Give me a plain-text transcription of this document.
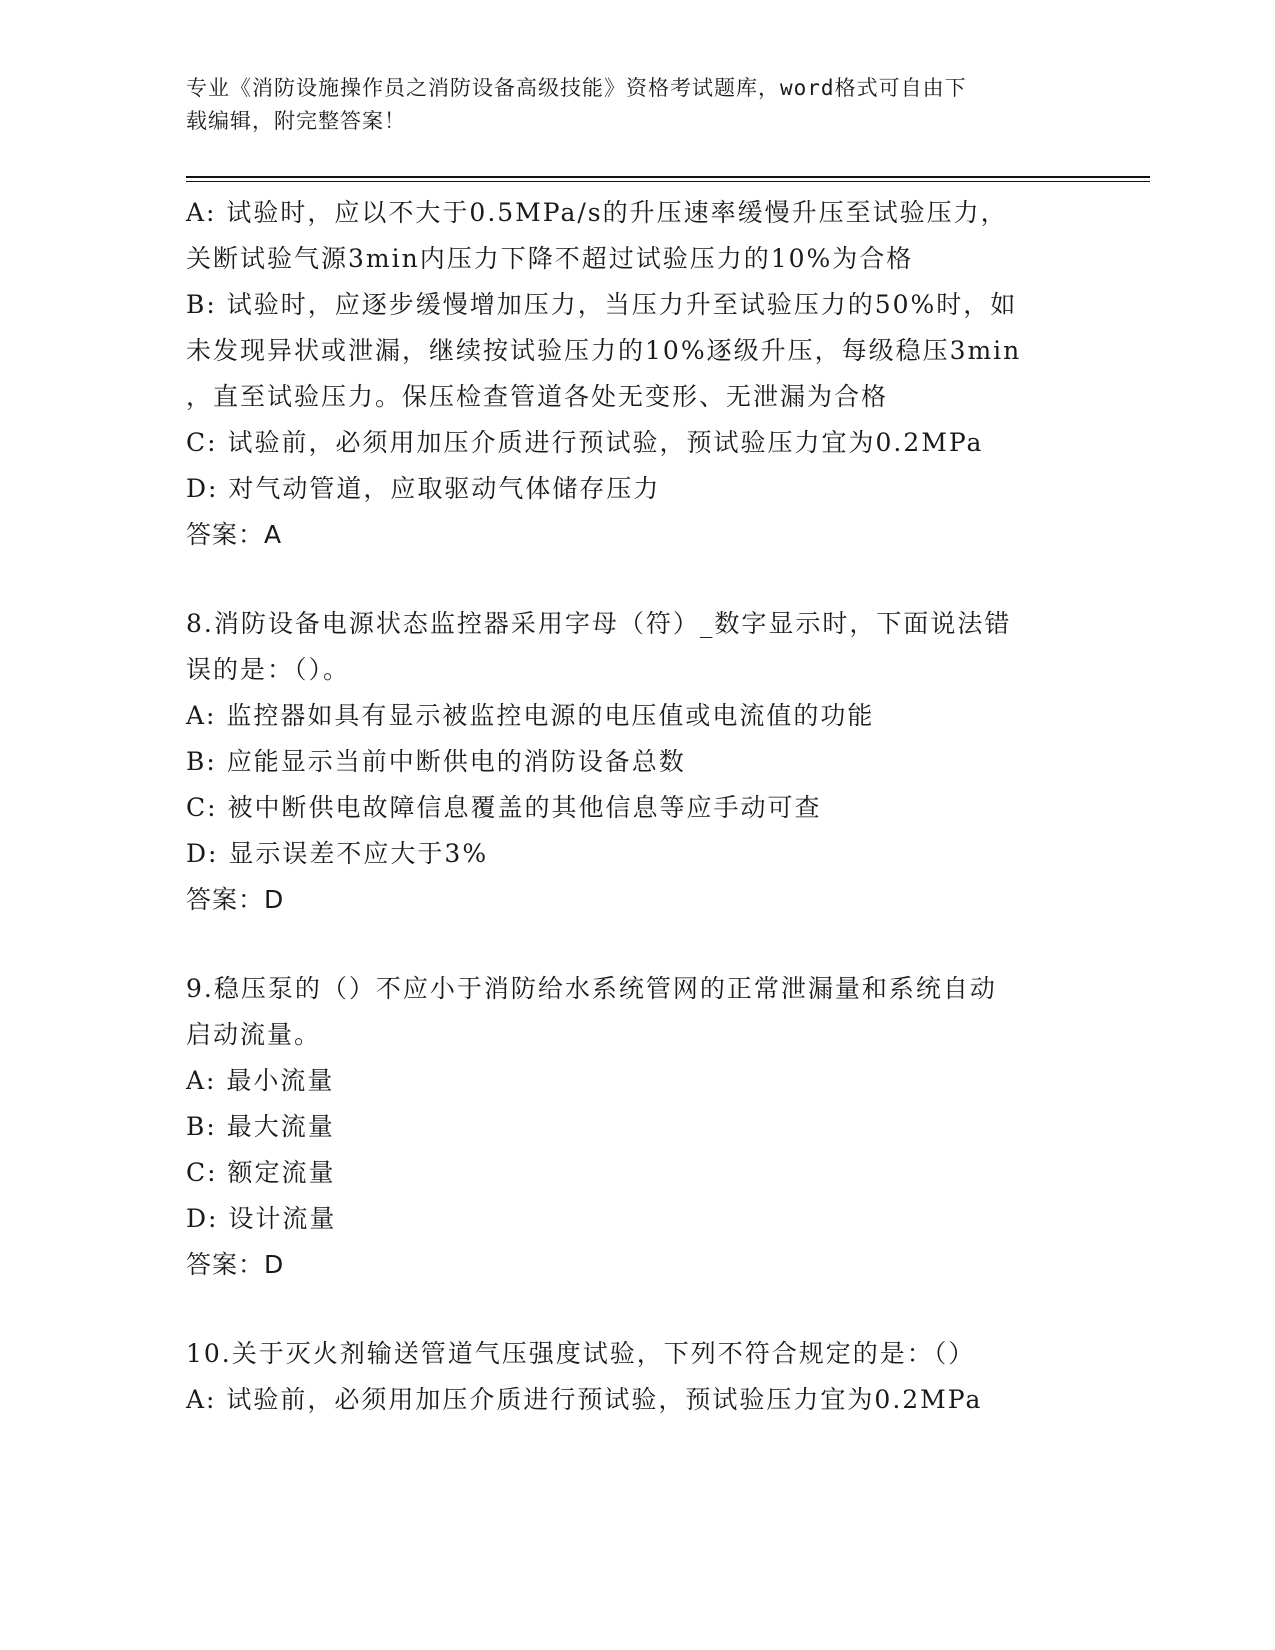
专业《消防设施操作员之消防设备高级技能》资格考试题库，word格式可自由下
载编辑，附完整答案！
A: 试验时，应以不大于0.5MPa/s的升压速率缓慢升压至试验压力，
关断试验气源3min内压力下降不超过试验压力的10%为合格
B: 试验时，应逐步缓慢增加压力，当压力升至试验压力的50%时，如
未发现异状或泄漏，继续按试验压力的10%逐级升压，每级稳压3min
，直至试验压力。保压检查管道各处无变形、无泄漏为合格
C: 试验前，必须用加压介质进行预试验，预试验压力宜为0.2MPa
D: 对气动管道，应取驱动气体储存压力
答案：A
8.消防设备电源状态监控器采用字母（符）_数字显示时，下面说法错
误的是：（）。
A: 监控器如具有显示被监控电源的电压值或电流值的功能
B: 应能显示当前中断供电的消防设备总数
C: 被中断供电故障信息覆盖的其他信息等应手动可查
D: 显示误差不应大于3%
答案：D
9.稳压泵的（）不应小于消防给水系统管网的正常泄漏量和系统自动
启动流量。
A: 最小流量
B: 最大流量
C: 额定流量
D: 设计流量
答案：D
10.关于灭火剂输送管道气压强度试验，下列不符合规定的是：（）
A: 试验前，必须用加压介质进行预试验，预试验压力宜为0.2MPa
